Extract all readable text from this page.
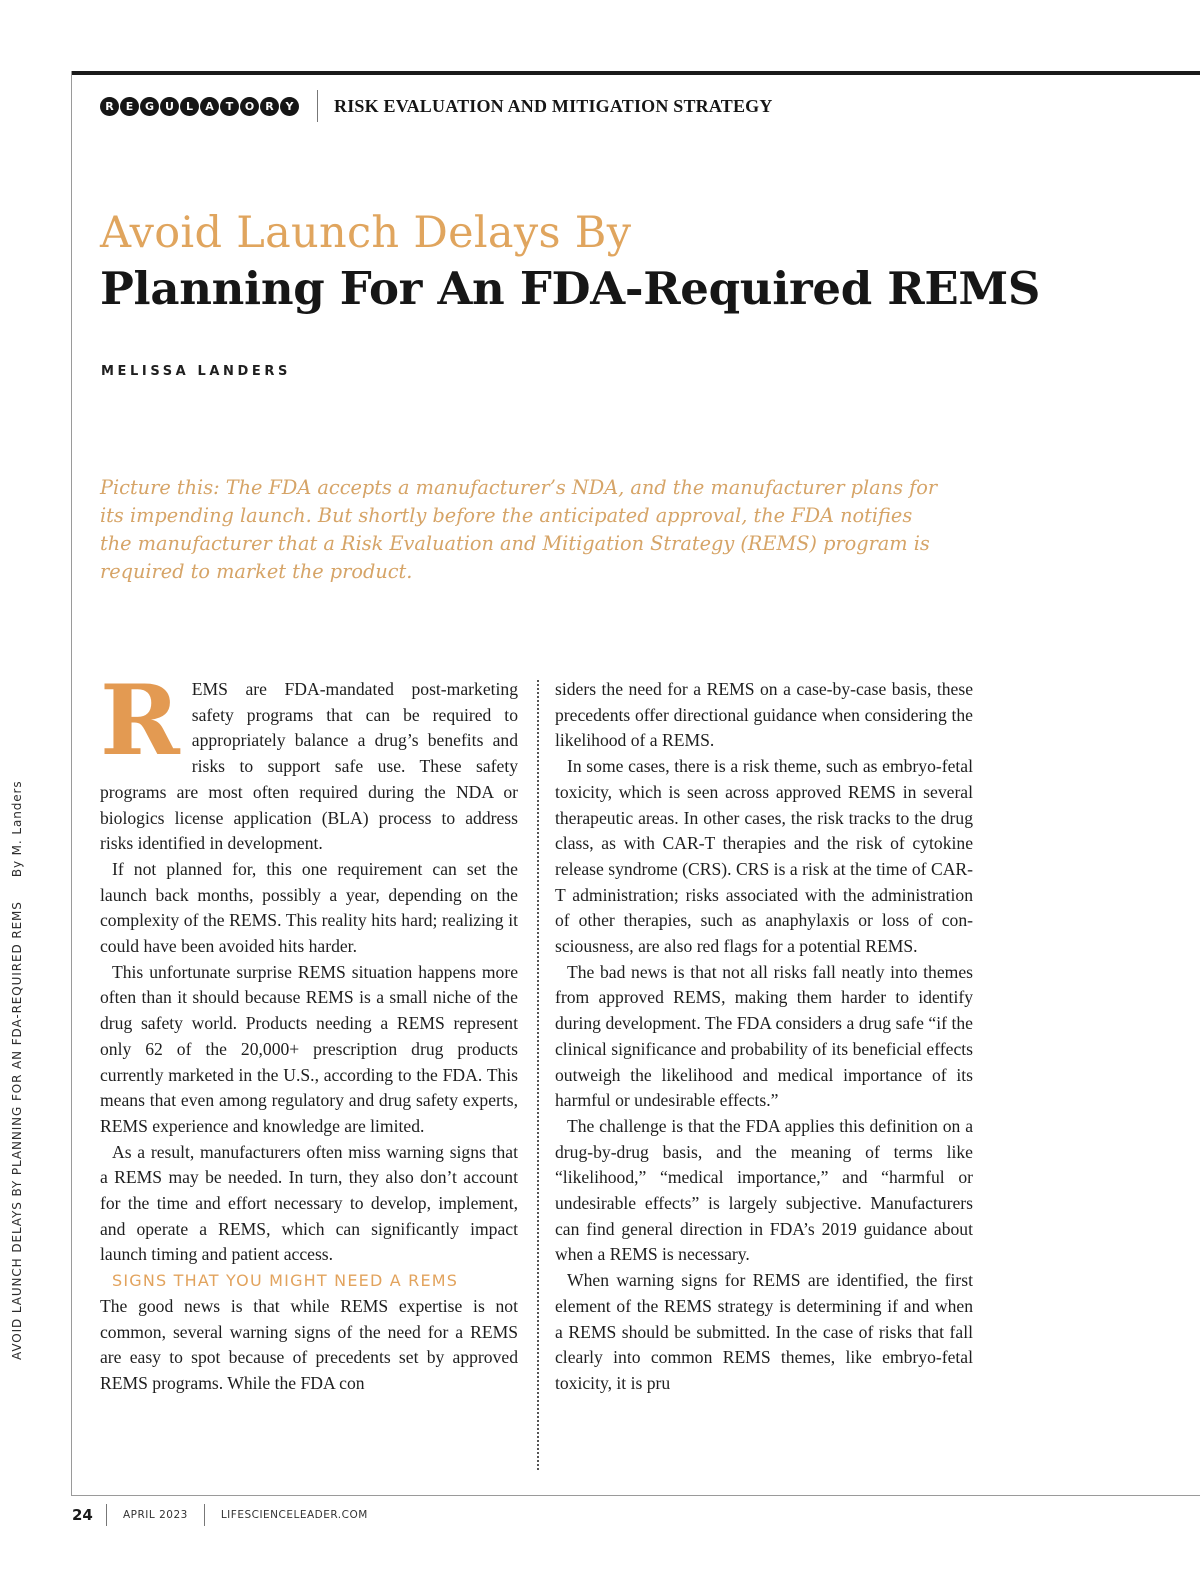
AVOID LAUNCH DELAYS BY PLANNING FOR AN FDA-REQUIRED REMS
By M. Landers
R	E	G	U	L	A	T	O	R	Y	RISK EVALUATION AND MITIGATION STRATEGY
Avoid Launch Delays By
Planning For An FDA-Required REMS
MELISSA LANDERS

Picture this: The FDA accepts a manufacturer’s NDA, and the manufacturer plans for
its impending launch. But shortly before the anticipated approval, the FDA notifies
the manufacturer that a Risk Evaluation and Mitigation Strategy (REMS) program is
required to market the product.

REMS are FDA-mandated post-marketing safety programs that can be required to appropriately balance a drug’s benefits and risks to support safe use. These safety programs are most often required during the NDA or biologics license application (BLA) process to address risks identified in development.

If not planned for, this one requirement can set the launch back months, possibly a year, depending on the complexity of the REMS. This reality hits hard; realizing it could have been avoided hits harder.

This unfortunate surprise REMS situation happens more often than it should because REMS is a small niche of the drug safety world. Products needing a REMS represent only 62 of the 20,000+ prescription drug products currently marketed in the U.S., according to the FDA. This means that even among regulatory and drug safety experts, REMS experience and knowledge are limited.

As a result, manufacturers often miss warning signs that a REMS may be needed. In turn, they also don’t account for the time and effort necessary to develop, implement, and operate a REMS, which can significantly impact launch timing and patient access.

SIGNS THAT YOU MIGHT NEED A REMS

The good news is that while REMS expertise is not common, several warning signs of the need for a REMS are easy to spot because of precedents set by approved REMS programs. While the FDA con

siders the need for a REMS on a case-by-case basis, these precedents offer directional guidance when considering the likelihood of a REMS.

In some cases, there is a risk theme, such as embryo-fetal toxicity, which is seen across approved REMS in several therapeutic areas. In other cases, the risk tracks to the drug class, as with CAR-T therapies and the risk of cytokine release syndrome (CRS). CRS is a risk at the time of CAR-T administration; risks associated with the administration of other therapies, such as anaphylaxis or loss of consciousness, are also red flags for a potential REMS.

The bad news is that not all risks fall neatly into themes from approved REMS, making them harder to identify during development. The FDA considers a drug safe “if the clinical significance and probability of its beneficial effects outweigh the likelihood and medical importance of its harmful or undesirable effects.”

The challenge is that the FDA applies this definition on a drug-by-drug basis, and the meaning of terms like “likelihood,” “medical importance,” and “harmful or undesirable effects” is largely subjective. Manufacturers can find general direction in FDA’s 2019 guidance about when a REMS is necessary.

When warning signs for REMS are identified, the first element of the REMS strategy is determining if and when a REMS should be submitted. In the case of risks that fall clearly into common REMS themes, like embryo-fetal toxicity, it is pru

24	APRIL 2023	LIFESCIENCELEADER.COM
